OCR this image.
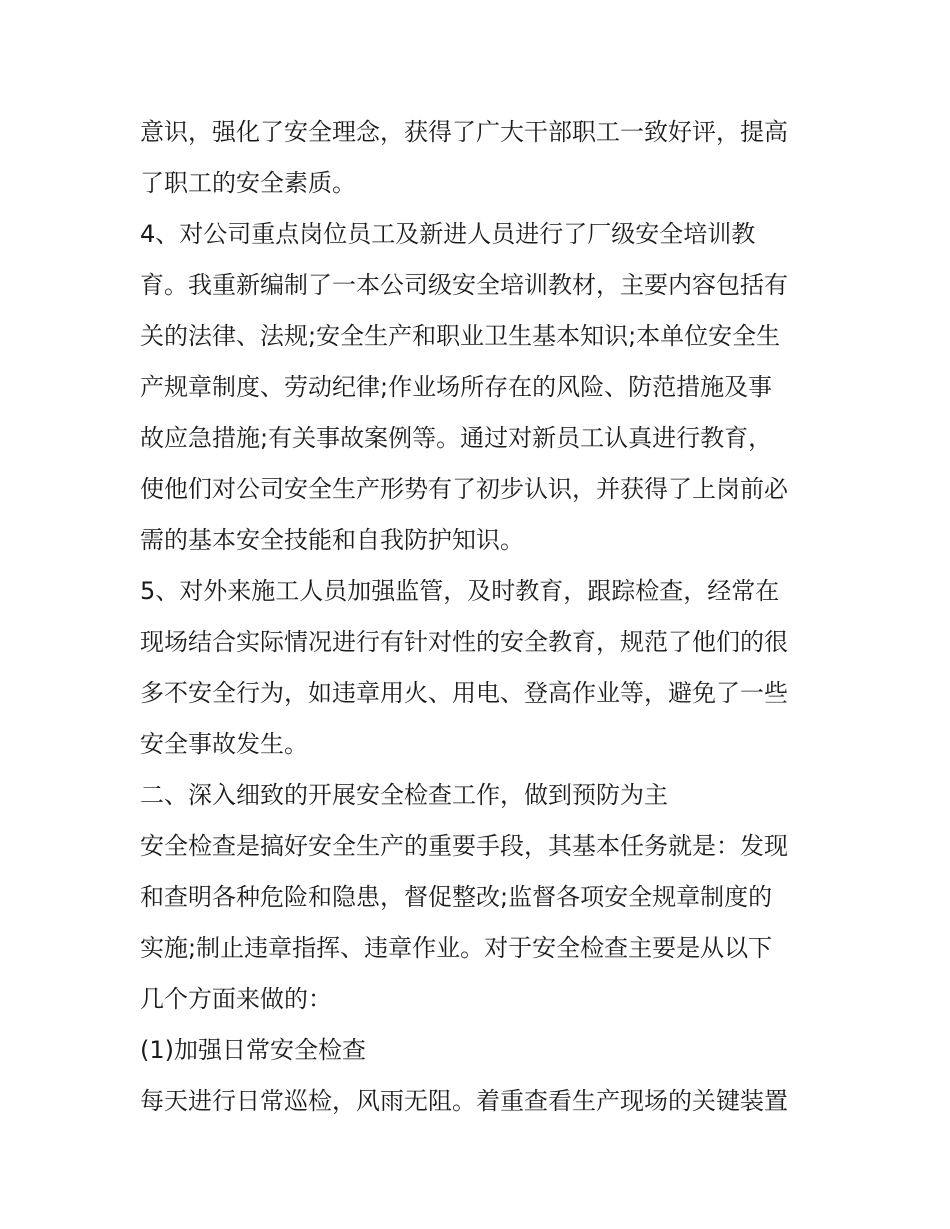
意识，强化了安全理念，获得了广大干部职工一致好评，提高
了职工的安全素质。
4、对公司重点岗位员工及新进人员进行了厂级安全培训教
育。我重新编制了一本公司级安全培训教材，主要内容包括有
关的法律、法规;安全生产和职业卫生基本知识;本单位安全生
产规章制度、劳动纪律;作业场所存在的风险、防范措施及事
故应急措施;有关事故案例等。通过对新员工认真进行教育，
使他们对公司安全生产形势有了初步认识，并获得了上岗前必
需的基本安全技能和自我防护知识。
5、对外来施工人员加强监管，及时教育，跟踪检查，经常在
现场结合实际情况进行有针对性的安全教育，规范了他们的很
多不安全行为，如违章用火、用电、登高作业等，避免了一些
安全事故发生。
二、深入细致的开展安全检查工作，做到预防为主
安全检查是搞好安全生产的重要手段，其基本任务就是：发现
和查明各种危险和隐患，督促整改;监督各项安全规章制度的
实施;制止违章指挥、违章作业。对于安全检查主要是从以下
几个方面来做的：
(1)加强日常安全检查
每天进行日常巡检，风雨无阻。着重查看生产现场的关键装置
